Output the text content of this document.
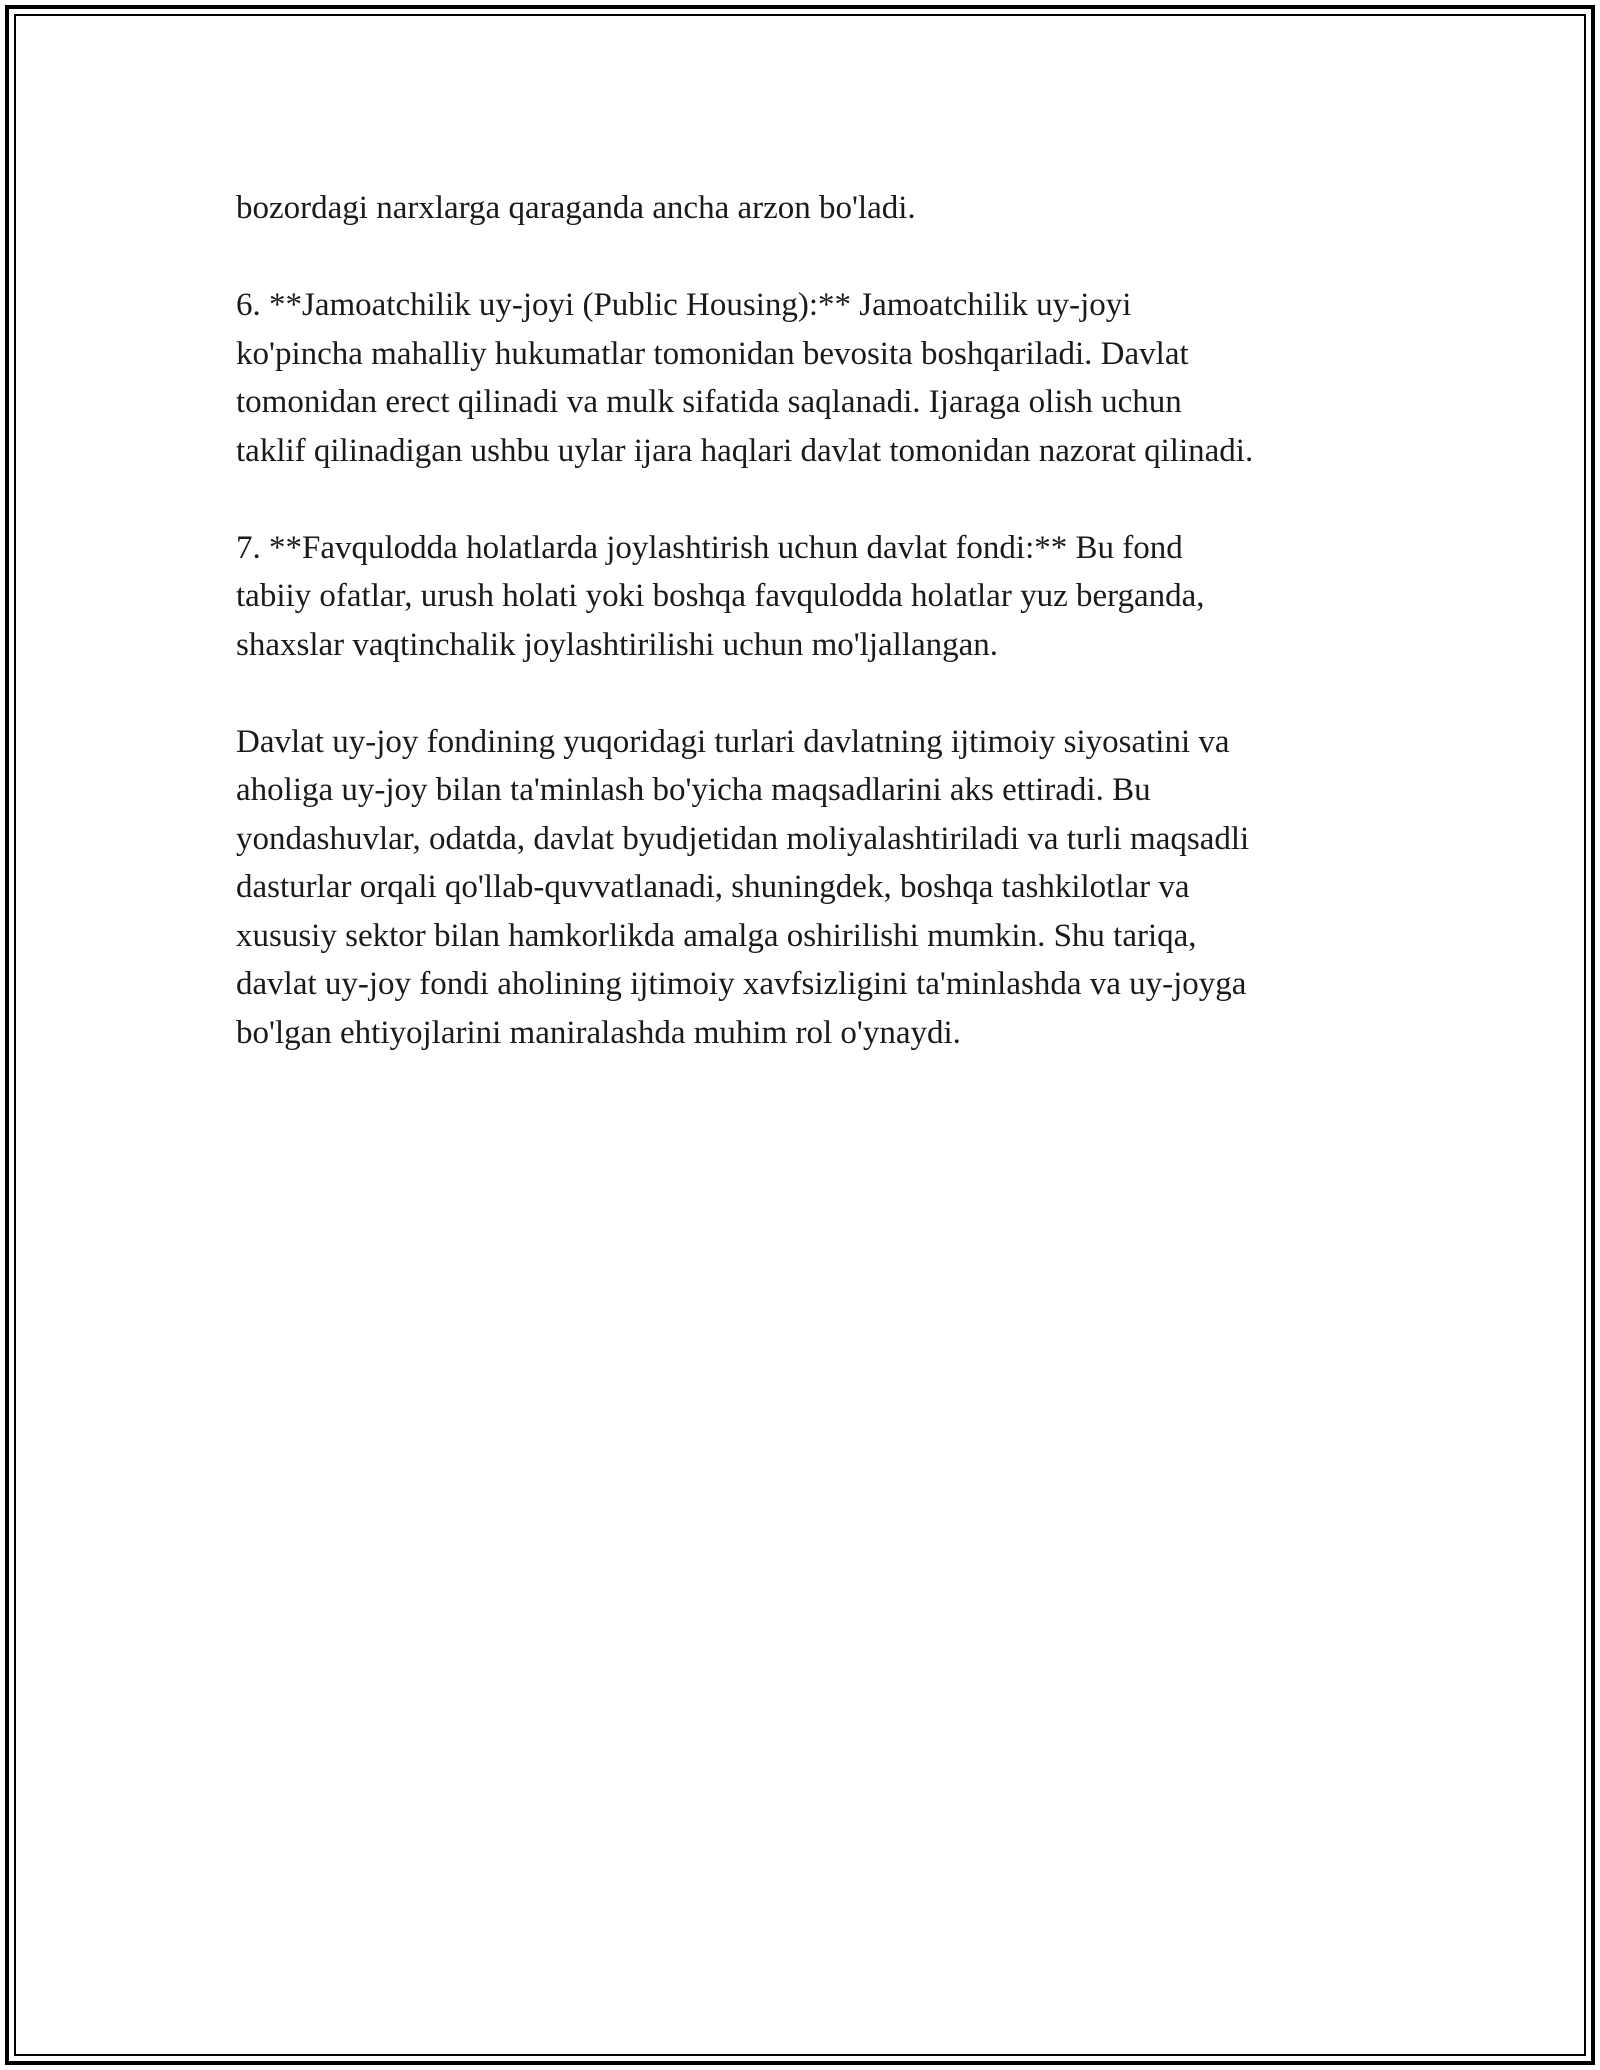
bozordagi narxlarga qaraganda ancha arzon bo'ladi.
6. **Jamoatchilik uy-joyi (Public Housing):** Jamoatchilik uy-joyi
ko'pincha mahalliy hukumatlar tomonidan bevosita boshqariladi. Davlat
tomonidan erect qilinadi va mulk sifatida saqlanadi. Ijaraga olish uchun
taklif qilinadigan ushbu uylar ijara haqlari davlat tomonidan nazorat qilinadi.
7. **Favqulodda holatlarda joylashtirish uchun davlat fondi:** Bu fond
tabiiy ofatlar, urush holati yoki boshqa favqulodda holatlar yuz berganda,
shaxslar vaqtinchalik joylashtirilishi uchun mo'ljallangan.
Davlat uy-joy fondining yuqoridagi turlari davlatning ijtimoiy siyosatini va
aholiga uy-joy bilan ta'minlash bo'yicha maqsadlarini aks ettiradi. Bu
yondashuvlar, odatda, davlat byudjetidan moliyalashtiriladi va turli maqsadli
dasturlar orqali qo'llab-quvvatlanadi, shuningdek, boshqa tashkilotlar va
xususiy sektor bilan hamkorlikda amalga oshirilishi mumkin. Shu tariqa,
davlat uy-joy fondi aholining ijtimoiy xavfsizligini ta'minlashda va uy-joyga
bo'lgan ehtiyojlarini maniralashda muhim rol o'ynaydi.
